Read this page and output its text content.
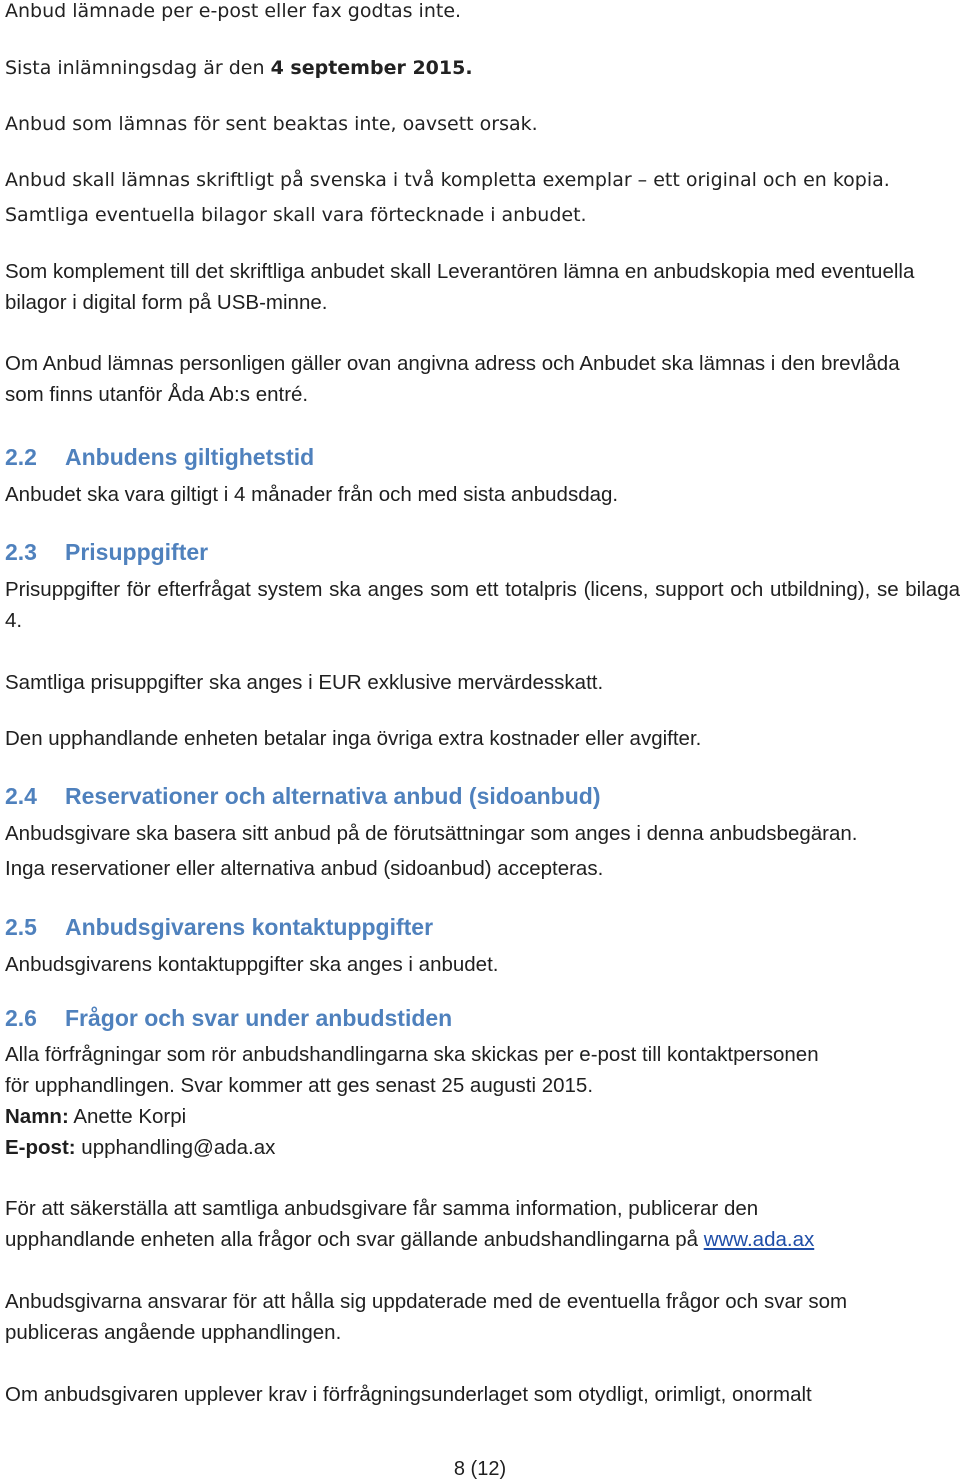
Anbud lämnade per e-post eller fax godtas inte.

Sista inlämningsdag är den 4 september 2015.

Anbud som lämnas för sent beaktas inte, oavsett orsak.

Anbud skall lämnas skriftligt på svenska i två kompletta exemplar – ett original och en kopia.

Samtliga eventuella bilagor skall vara förtecknade i anbudet.

Som komplement till det skriftliga anbudet skall Leverantören lämna en anbudskopia med eventuella bilagor i digital form på USB-minne.

Om Anbud lämnas personligen gäller ovan angivna adress och Anbudet ska lämnas i den brevlåda som finns utanför Åda Ab:s entré.

2.2 Anbudens giltighetstid

Anbudet ska vara giltigt i 4 månader från och med sista anbudsdag.

2.3 Prisuppgifter

Prisuppgifter för efterfrågat system ska anges som ett totalpris (licens, support och utbildning), se bilaga 4.

Samtliga prisuppgifter ska anges i EUR exklusive mervärdesskatt.

Den upphandlande enheten betalar inga övriga extra kostnader eller avgifter.

2.4 Reservationer och alternativa anbud (sidoanbud)

Anbudsgivare ska basera sitt anbud på de förutsättningar som anges i denna anbudsbegäran.

Inga reservationer eller alternativa anbud (sidoanbud) accepteras.

2.5 Anbudsgivarens kontaktuppgifter

Anbudsgivarens kontaktuppgifter ska anges i anbudet.

2.6 Frågor och svar under anbudstiden

Alla förfrågningar som rör anbudshandlingarna ska skickas per e-post till kontaktpersonen

för upphandlingen. Svar kommer att ges senast 25 augusti 2015.

Namn: Anette Korpi

E-post: upphandling@ada.ax

För att säkerställa att samtliga anbudsgivare får samma information, publicerar den

upphandlande enheten alla frågor och svar gällande anbudshandlingarna på www.ada.ax

Anbudsgivarna ansvarar för att hålla sig uppdaterade med de eventuella frågor och svar som

publiceras angående upphandlingen.

Om anbudsgivaren upplever krav i förfrågningsunderlaget som otydligt, orimligt, onormalt

8 (12)
